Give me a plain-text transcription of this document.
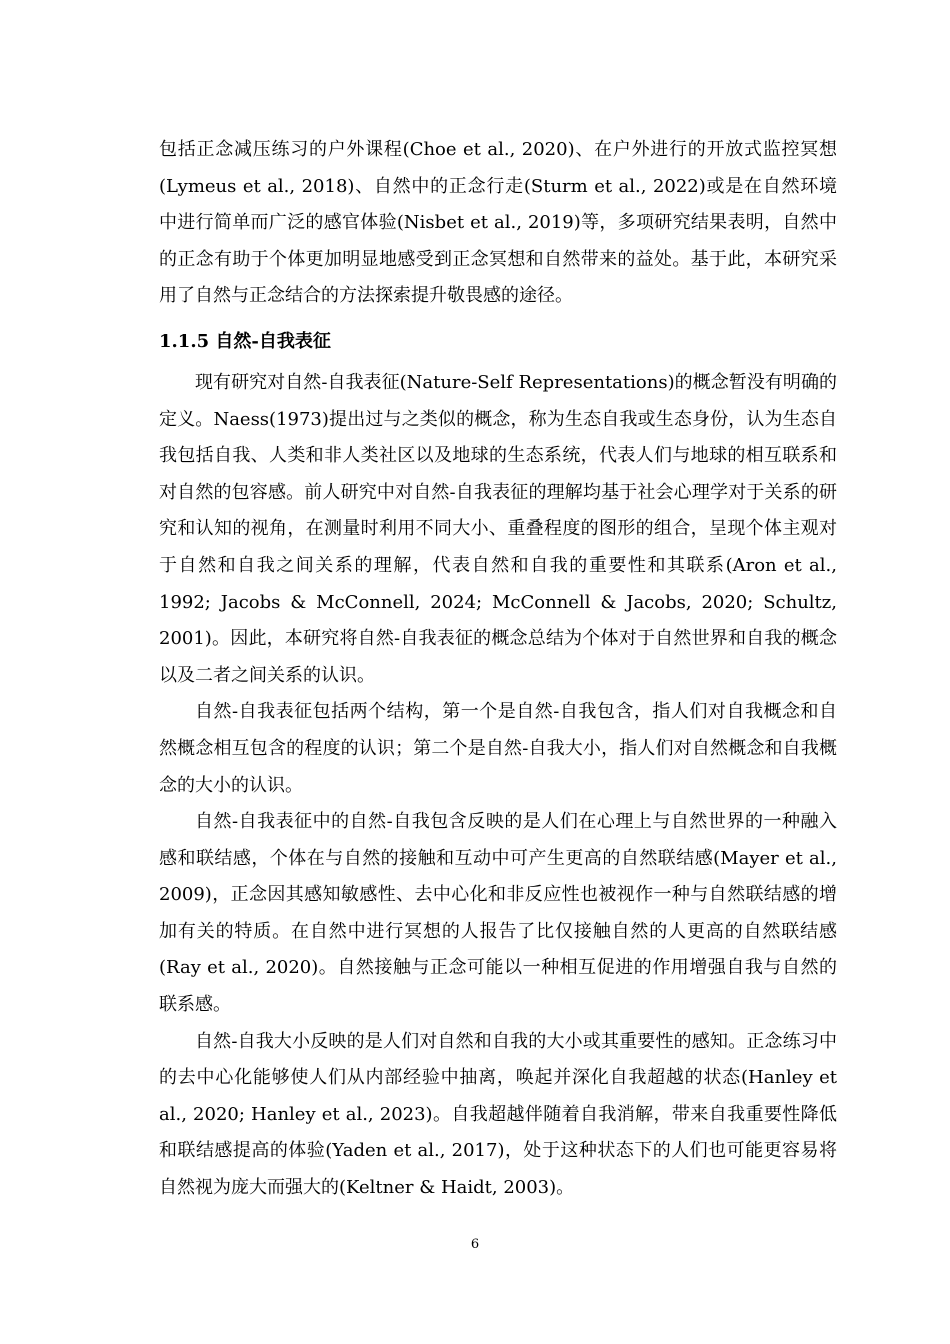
包括正念减压练习的户外课程(Choe et al., 2020)、在户外进行的开放式监控冥想(Lymeus et al., 2018)、自然中的正念行走(Sturm et al., 2022)或是在自然环境中进行简单而广泛的感官体验(Nisbet et al., 2019)等，多项研究结果表明，自然中的正念有助于个体更加明显地感受到正念冥想和自然带来的益处。基于此，本研究采用了自然与正念结合的方法探索提升敬畏感的途径。

1.1.5 自然-自我表征

现有研究对自然-自我表征(Nature-Self Representations)的概念暂没有明确的定义。Naess(1973)提出过与之类似的概念，称为生态自我或生态身份，认为生态自我包括自我、人类和非人类社区以及地球的生态系统，代表人们与地球的相互联系和对自然的包容感。前人研究中对自然-自我表征的理解均基于社会心理学对于关系的研究和认知的视角，在测量时利用不同大小、重叠程度的图形的组合，呈现个体主观对于自然和自我之间关系的理解，代表自然和自我的重要性和其联系(Aron et al., 1992; Jacobs & McConnell, 2024; McConnell & Jacobs, 2020; Schultz, 2001)。因此，本研究将自然-自我表征的概念总结为个体对于自然世界和自我的概念以及二者之间关系的认识。

自然-自我表征包括两个结构，第一个是自然-自我包含，指人们对自我概念和自然概念相互包含的程度的认识；第二个是自然-自我大小，指人们对自然概念和自我概念的大小的认识。

自然-自我表征中的自然-自我包含反映的是人们在心理上与自然世界的一种融入感和联结感，个体在与自然的接触和互动中可产生更高的自然联结感(Mayer et al., 2009)，正念因其感知敏感性、去中心化和非反应性也被视作一种与自然联结感的增加有关的特质。在自然中进行冥想的人报告了比仅接触自然的人更高的自然联结感(Ray et al., 2020)。自然接触与正念可能以一种相互促进的作用增强自我与自然的联系感。

自然-自我大小反映的是人们对自然和自我的大小或其重要性的感知。正念练习中的去中心化能够使人们从内部经验中抽离，唤起并深化自我超越的状态(Hanley et al., 2020; Hanley et al., 2023)。自我超越伴随着自我消解，带来自我重要性降低和联结感提高的体验(Yaden et al., 2017)，处于这种状态下的人们也可能更容易将自然视为庞大而强大的(Keltner & Haidt, 2003)。

6
